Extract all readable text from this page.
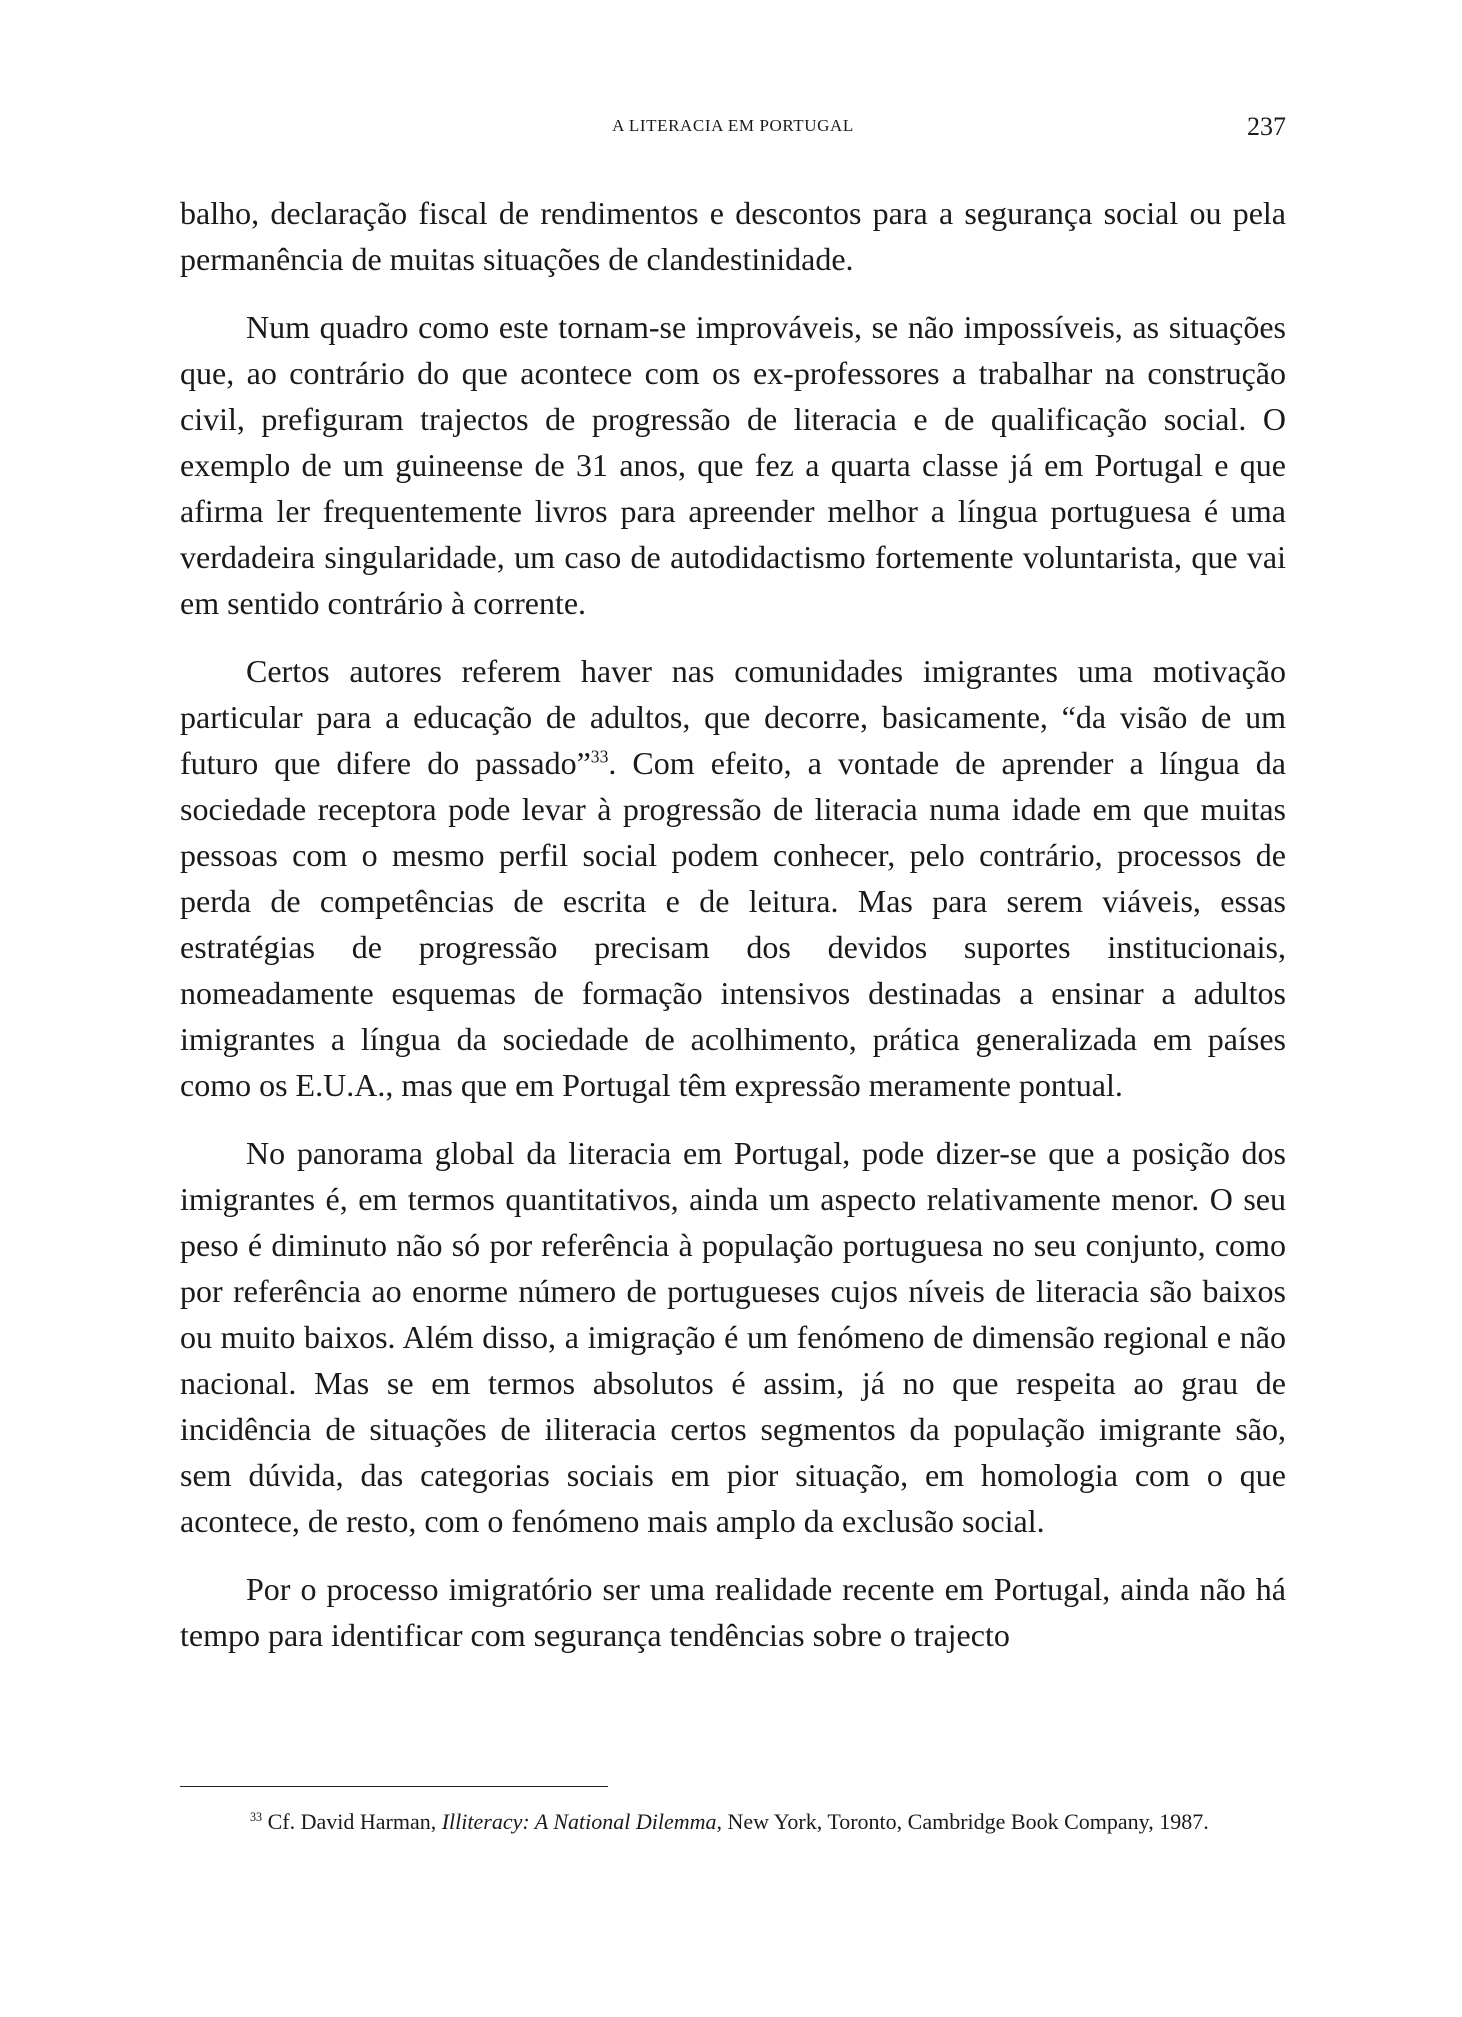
A LITERACIA EM PORTUGAL	237

balho, declaração fiscal de rendimentos e descontos para a segurança social ou pela permanência de muitas situações de clandestinidade.

Num quadro como este tornam-se improváveis, se não impossíveis, as situações que, ao contrário do que acontece com os ex-professores a trabalhar na construção civil, prefiguram trajectos de progressão de literacia e de qualificação social. O exemplo de um guineense de 31 anos, que fez a quarta classe já em Portugal e que afirma ler frequentemente livros para apreender melhor a língua portuguesa é uma verdadeira singularidade, um caso de autodidactismo fortemente voluntarista, que vai em sentido contrário à corrente.

Certos autores referem haver nas comunidades imigrantes uma motivação particular para a educação de adultos, que decorre, basicamente, “da visão de um futuro que difere do passado”$^{33}$. Com efeito, a vontade de aprender a língua da sociedade receptora pode levar à progressão de literacia numa idade em que muitas pessoas com o mesmo perfil social podem conhecer, pelo contrário, processos de perda de competências de escrita e de leitura. Mas para serem viáveis, essas estratégias de progressão precisam dos devidos suportes institucionais, nomeadamente esquemas de formação intensivos destinadas a ensinar a adultos imigrantes a língua da sociedade de acolhimento, prática generalizada em países como os E.U.A., mas que em Portugal têm expressão meramente pontual.

No panorama global da literacia em Portugal, pode dizer-se que a posição dos imigrantes é, em termos quantitativos, ainda um aspecto relativamente menor. O seu peso é diminuto não só por referência à população portuguesa no seu conjunto, como por referência ao enorme número de portugueses cujos níveis de literacia são baixos ou muito baixos. Além disso, a imigração é um fenómeno de dimensão regional e não nacional. Mas se em termos absolutos é assim, já no que respeita ao grau de incidência de situações de iliteracia certos segmentos da população imigrante são, sem dúvida, das categorias sociais em pior situação, em homologia com o que acontece, de resto, com o fenómeno mais amplo da exclusão social.

Por o processo imigratório ser uma realidade recente em Portugal, ainda não há tempo para identificar com segurança tendências sobre o trajecto

$^{33}$ Cf. David Harman, Illiteracy: A National Dilemma, New York, Toronto, Cambridge Book Company, 1987.
